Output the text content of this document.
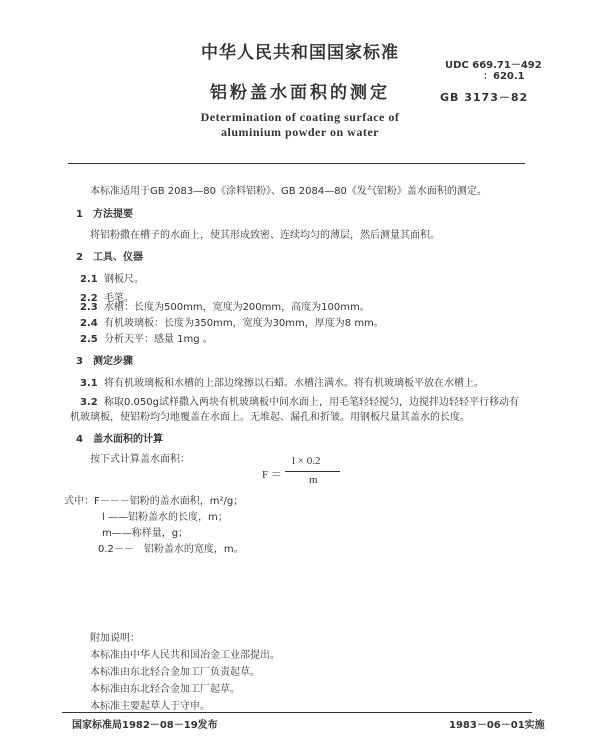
中华人民共和国国家标准
UDC 669.71－492
：620.1
铝粉盖水面积的测定	GB 3173－82
Determination of coating surface of
aluminium powder on water
本标准适用于GB 2083—80《涂料铝粉》、GB 2084—80《发气铝粉》盖水面积的测定。
1　方法提要
将铝粉撒在槽子的水面上，使其形成致密、连续均匀的薄层，然后测量其面积。
2　工具、仪器
2.1 钢板尺。
2.2 毛笔。
2.3 水槽：长度为500mm，宽度为200mm，高度为100mm。
2.4 有机玻璃板：长度为350mm，宽度为30mm，厚度为8 mm。
2.5 分析天平：感量 1mg 。
3　测定步骤
3.1 将有机玻璃板和水槽的上部边缘擦以石蜡。水槽注满水。将有机玻璃板平放在水槽上。
3.2 称取0.050g试样撒入两块有机玻璃板中间水面上，用毛笔轻轻搅匀，边搅拌边轻轻平行移动有
机玻璃板，使铝粉均匀地覆盖在水面上。无堆起、漏孔和折皱。用钢板尺量其盖水的长度。
4　盖水面积的计算
按下式计算盖水面积：
F ＝
l × 0.2
m
式中：F－－－铝粉的盖水面积，m²/g；
l ——铝粉盖水的长度，m；
m——称样量，g；
0.2－－　铝粉盖水的宽度，m。
附加说明：
本标准由中华人民共和国冶金工业部提出。
本标准由东北轻合金加工厂负责起草。
本标准由东北轻合金加工厂起草。
本标准主要起草人于守申。
国家标准局1982－08－19发布	1983－06－01实施
